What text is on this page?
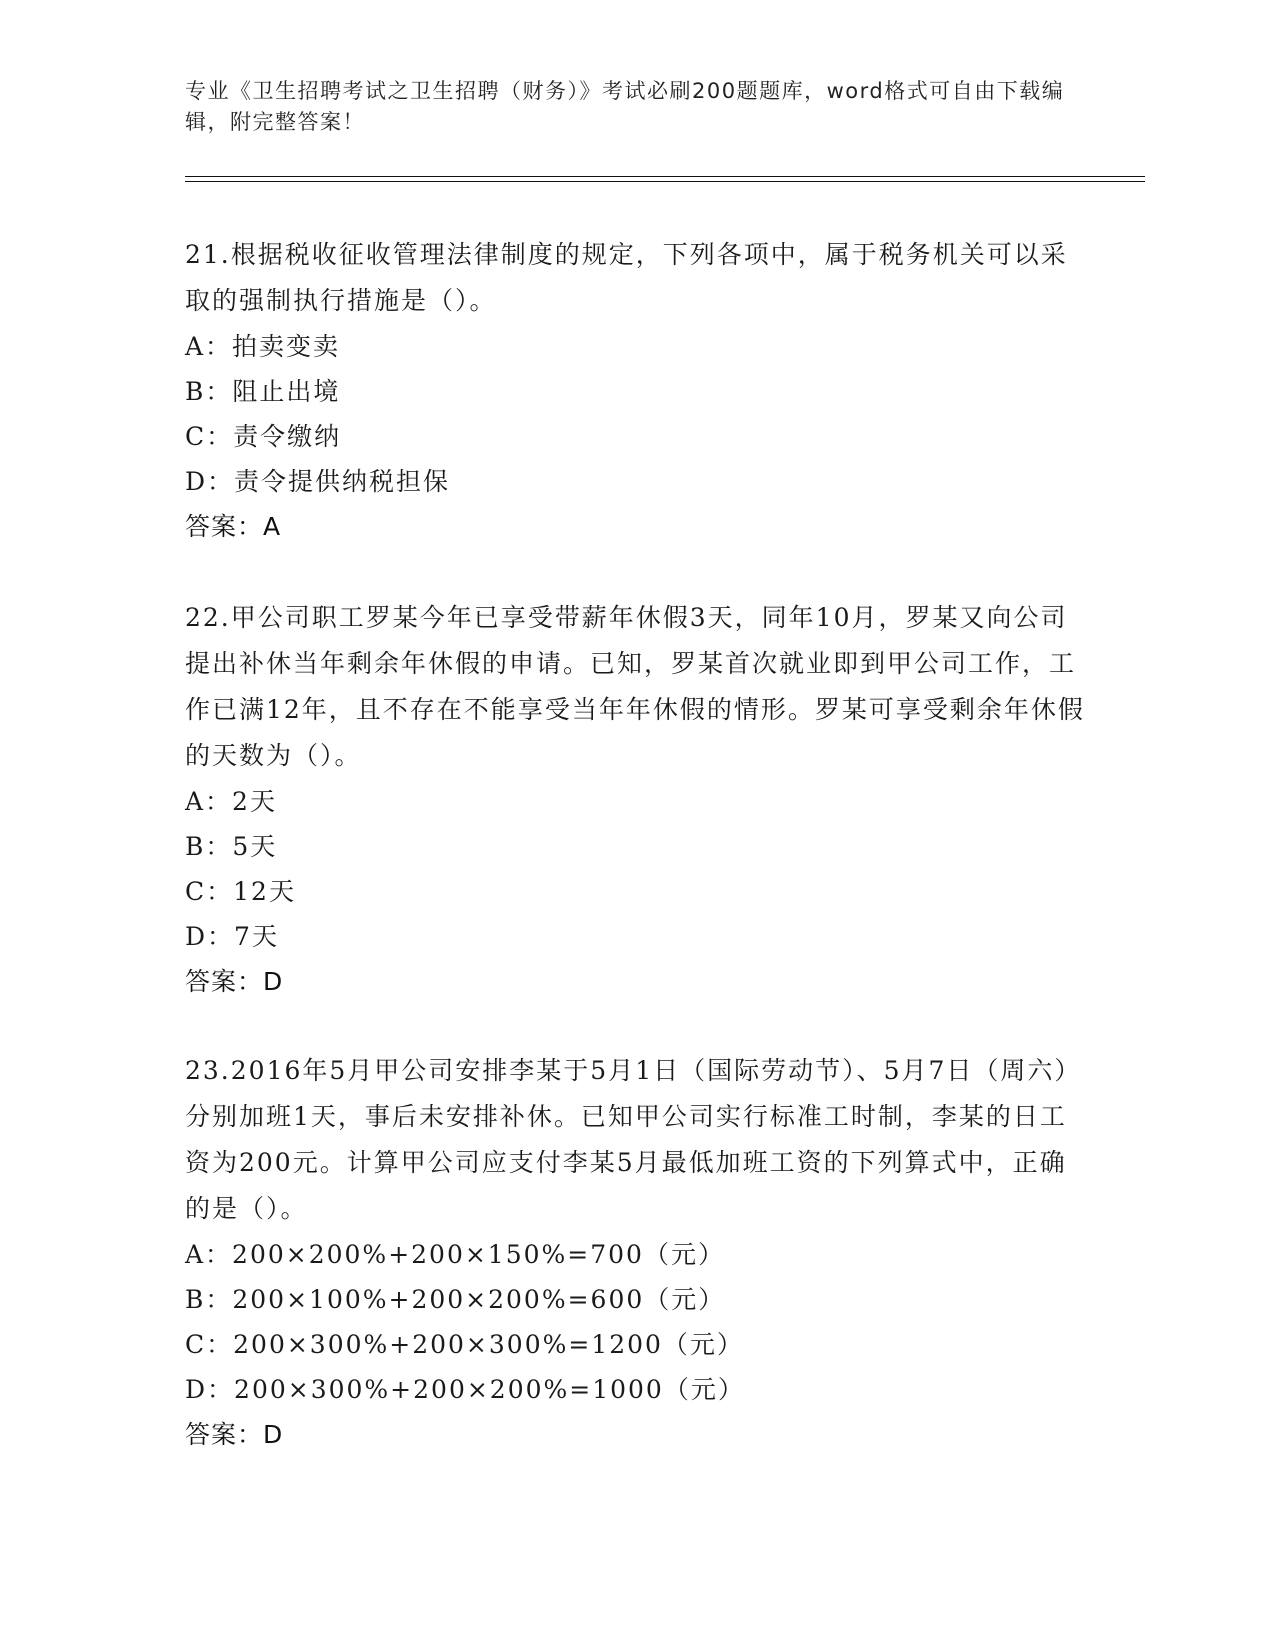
专业《卫生招聘考试之卫生招聘（财务）》考试必刷200题题库，word格式可自由下载编辑，附完整答案！

21.根据税收征收管理法律制度的规定，下列各项中，属于税务机关可以采取的强制执行措施是（）。

A：拍卖变卖

B：阻止出境

C：责令缴纳

D：责令提供纳税担保

答案：A

22.甲公司职工罗某今年已享受带薪年休假3天，同年10月，罗某又向公司提出补休当年剩余年休假的申请。已知，罗某首次就业即到甲公司工作，工作已满12年，且不存在不能享受当年年休假的情形。罗某可享受剩余年休假的天数为（）。

A：2天

B：5天

C：12天

D：7天

答案：D

23.2016年5月甲公司安排李某于5月1日（国际劳动节）、5月7日（周六）分别加班1天，事后未安排补休。已知甲公司实行标准工时制，李某的日工资为200元。计算甲公司应支付李某5月最低加班工资的下列算式中，正确的是（）。

A：200×200%+200×150%=700（元）

B：200×100%+200×200%=600（元）

C：200×300%+200×300%=1200（元）

D：200×300%+200×200%=1000（元）

答案：D
